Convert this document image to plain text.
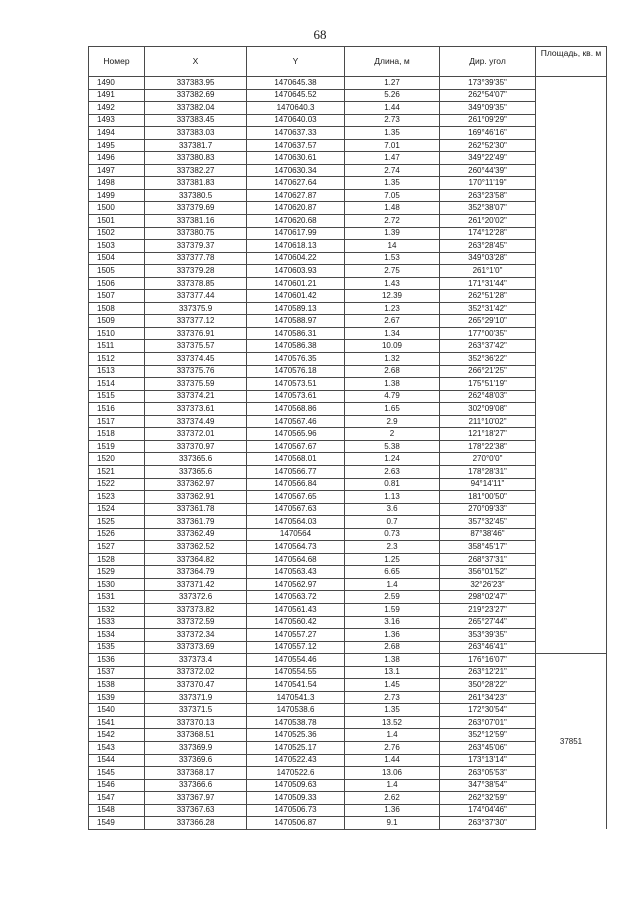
68
Номер	X	Y	Длина, м	Дир. угол	Площадь, кв. м
1490	337383.95	1470645.38	1.27	173°39'35"	
1491	337382.69	1470645.52	5.26	262°54'07"	
1492	337382.04	1470640.3	1.44	349°09'35"	
1493	337383.45	1470640.03	2.73	261°09'29"	
1494	337383.03	1470637.33	1.35	169°46'16"	
1495	337381.7	1470637.57	7.01	262°52'30"	
1496	337380.83	1470630.61	1.47	349°22'49"	
1497	337382.27	1470630.34	2.74	260°44'39"	
1498	337381.83	1470627.64	1.35	170°11'19"	
1499	337380.5	1470627.87	7.05	263°23'58"	
1500	337379.69	1470620.87	1.48	352°38'07"	
1501	337381.16	1470620.68	2.72	261°20'02"	
1502	337380.75	1470617.99	1.39	174°12'28"	
1503	337379.37	1470618.13	14	263°28'45"	
1504	337377.78	1470604.22	1.53	349°03'28"	
1505	337379.28	1470603.93	2.75	261°1'0"	
1506	337378.85	1470601.21	1.43	171°31'44"	
1507	337377.44	1470601.42	12.39	262°51'28"	
1508	337375.9	1470589.13	1.23	352°31'42"	
1509	337377.12	1470588.97	2.67	265°29'10"	
1510	337376.91	1470586.31	1.34	177°00'35"	
1511	337375.57	1470586.38	10.09	263°37'42"	
1512	337374.45	1470576.35	1.32	352°36'22"	
1513	337375.76	1470576.18	2.68	266°21'25"	
1514	337375.59	1470573.51	1.38	175°51'19"	
1515	337374.21	1470573.61	4.79	262°48'03"	
1516	337373.61	1470568.86	1.65	302°09'08"	
1517	337374.49	1470567.46	2.9	211°10'02"	
1518	337372.01	1470565.96	2	121°18'27"	
1519	337370.97	1470567.67	5.38	178°22'38"	
1520	337365.6	1470568.01	1.24	270°0'0"	
1521	337365.6	1470566.77	2.63	178°28'31"	
1522	337362.97	1470566.84	0.81	94°14'11"	
1523	337362.91	1470567.65	1.13	181°00'50"	
1524	337361.78	1470567.63	3.6	270°09'33"	
1525	337361.79	1470564.03	0.7	357°32'45"	
1526	337362.49	1470564	0.73	87°38'46"	
1527	337362.52	1470564.73	2.3	358°45'17"	
1528	337364.82	1470564.68	1.25	268°37'31"	
1529	337364.79	1470563.43	6.65	356°01'52"	
1530	337371.42	1470562.97	1.4	32°26'23"	
1531	337372.6	1470563.72	2.59	298°02'47"	
1532	337373.82	1470561.43	1.59	219°23'27"	
1533	337372.59	1470560.42	3.16	265°27'44"	
1534	337372.34	1470557.27	1.36	353°39'35"	
1535	337373.69	1470557.12	2.68	263°46'41"	
1536	337373.4	1470554.46	1.38	176°16'07"	37851
1537	337372.02	1470554.55	13.1	263°12'21"	
1538	337370.47	1470541.54	1.45	350°28'22"	
1539	337371.9	1470541.3	2.73	261°34'23"	
1540	337371.5	1470538.6	1.35	172°30'54"	
1541	337370.13	1470538.78	13.52	263°07'01"	
1542	337368.51	1470525.36	1.4	352°12'59"	
1543	337369.9	1470525.17	2.76	263°45'06"	
1544	337369.6	1470522.43	1.44	173°13'14"	
1545	337368.17	1470522.6	13.06	263°05'53"	
1546	337366.6	1470509.63	1.4	347°38'54"	
1547	337367.97	1470509.33	2.62	262°32'59"	
1548	337367.63	1470506.73	1.36	174°04'46"	
1549	337366.28	1470506.87	9.1	263°37'30"	
